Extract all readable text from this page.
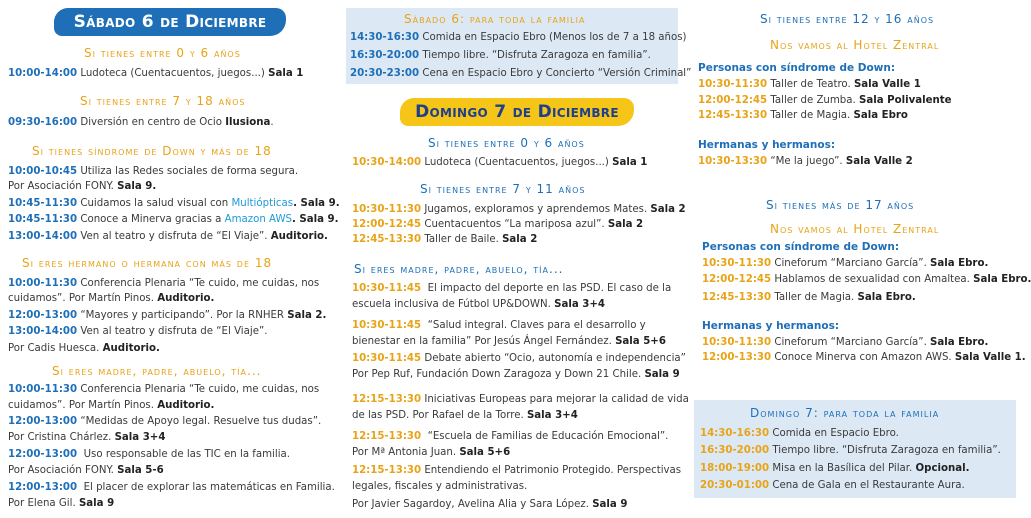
Sábado 6 de Diciembre
Si tienes entre 0 y 6 años
10:00-14:00 Ludoteca (Cuentacuentos, juegos...) Sala 1
Si tienes entre 7 y 18 años
09:30-16:00 Diversión en centro de Ocio Ilusiona.
Si tienes síndrome de Down y más de 18
10:00-10:45 Utiliza las Redes sociales de forma segura.
Por Asociación FONY. Sala 9.
10:45-11:30 Cuidamos la salud visual con Multiópticas. Sala 9.
10:45-11:30 Conoce a Minerva gracias a Amazon AWS. Sala 9.
13:00-14:00 Ven al teatro y disfruta de “El Viaje”. Auditorio.
Si eres hermano o hermana con más de 18
10:00-11:30 Conferencia Plenaria “Te cuido, me cuidas, nos
cuidamos”. Por Martín Pinos. Auditorio.
12:00-13:00 “Mayores y participando”. Por la RNHER Sala 2.
13:00-14:00 Ven al teatro y disfruta de “El Viaje”.
Por Cadis Huesca. Auditorio.
Si eres madre, padre, abuelo, tía...
10:00-11:30 Conferencia Plenaria “Te cuido, me cuidas, nos
cuidamos”. Por Martín Pinos. Auditorio.
12:00-13:00 “Medidas de Apoyo legal. Resuelve tus dudas”.
Por Cristina Chárlez. Sala 3+4
12:00-13:00 Uso responsable de las TIC en la familia.
Por Asociación FONY. Sala 5-6
12:00-13:00 El placer de explorar las matemáticas en Familia.
Por Elena Gil. Sala 9
Sábado 6: para toda la familia
14:30-16:30 Comida en Espacio Ebro (Menos los de 7 a 18 años)
16:30-20:00 Tiempo libre. “Disfruta Zaragoza en familia”.
20:30-23:00 Cena en Espacio Ebro y Concierto “Versión Criminal”
Domingo 7 de Diciembre
Si tienes entre 0 y 6 años
10:30-14:00 Ludoteca (Cuentacuentos, juegos...) Sala 1
Si tienes entre 7 y 11 años
10:30-11:30 Jugamos, exploramos y aprendemos Mates. Sala 2
12:00-12:45 Cuentacuentos “La mariposa azul”. Sala 2
12:45-13:30 Taller de Baile. Sala 2
Si eres madre, padre, abuelo, tía...
10:30-11:45 El impacto del deporte en las PSD. El caso de la
escuela inclusiva de Fútbol UP&DOWN. Sala 3+4
10:30-11:45 “Salud integral. Claves para el desarrollo y
bienestar en la familia” Por Jesús Ángel Fernández. Sala 5+6
10:30-11:45 Debate abierto “Ocio, autonomía e independencia”
Por Pep Ruf, Fundación Down Zaragoza y Down 21 Chile. Sala 9
12:15-13:30 Iniciativas Europeas para mejorar la calidad de vida
de las PSD. Por Rafael de la Torre. Sala 3+4
12:15-13:30 “Escuela de Familias de Educación Emocional”.
Por Mª Antonia Juan. Sala 5+6
12:15-13:30 Entendiendo el Patrimonio Protegido. Perspectivas
legales, fiscales y administrativas.
Por Javier Sagardoy, Avelina Alia y Sara López. Sala 9
Si tienes entre 12 y 16 años
Nos vamos al Hotel Zentral
Personas con síndrome de Down:
10:30-11:30 Taller de Teatro. Sala Valle 1
12:00-12:45 Taller de Zumba. Sala Polivalente
12:45-13:30 Taller de Magia. Sala Ebro
Hermanas y hermanos:
10:30-13:30 “Me la juego”. Sala Valle 2
Si tienes más de 17 años
Nos vamos al Hotel Zentral
Personas con síndrome de Down:
10:30-11:30 Cineforum “Marciano García”. Sala Ebro.
12:00-12:45 Hablamos de sexualidad con Amaltea. Sala Ebro.
12:45-13:30 Taller de Magia. Sala Ebro.
Hermanas y hermanos:
10:30-11:30 Cineforum “Marciano García”. Sala Ebro.
12:00-13:30 Conoce Minerva con Amazon AWS. Sala Valle 1.
Domingo 7: para toda la familia
14:30-16:30 Comida en Espacio Ebro.
16:30-20:00 Tiempo libre. “Disfruta Zaragoza en familia”.
18:00-19:00 Misa en la Basílica del Pilar. Opcional.
20:30-01:00 Cena de Gala en el Restaurante Aura.
